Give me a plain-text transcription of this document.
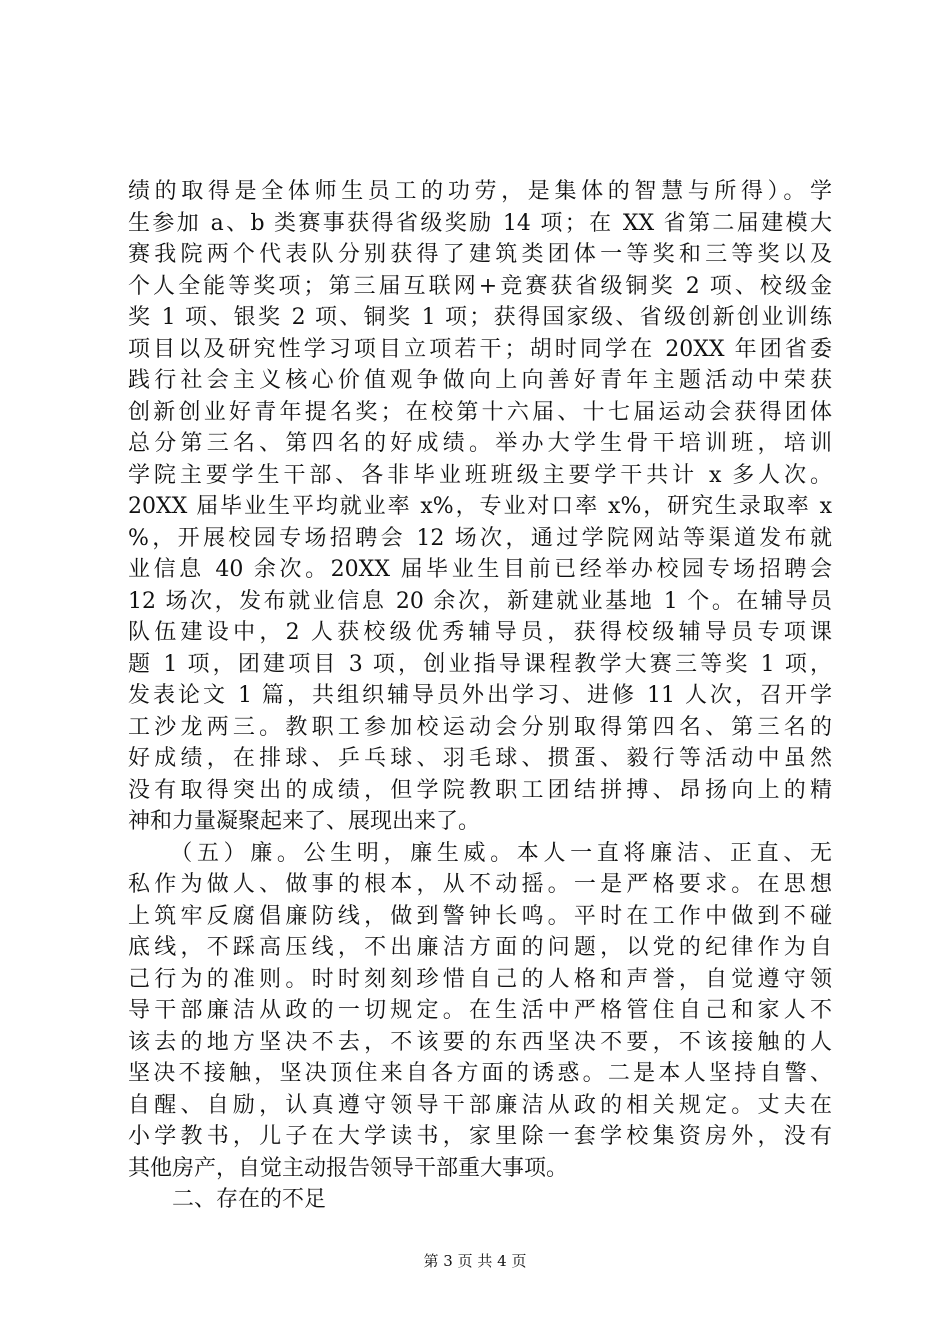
绩的取得是全体师生员工的功劳，是集体的智慧与所得）。学
生参加 a、b 类赛事获得省级奖励 14 项；在 XX 省第二届建模大
赛我院两个代表队分别获得了建筑类团体一等奖和三等奖以及
个人全能等奖项；第三届互联网+竞赛获省级铜奖 2 项、校级金
奖 1 项、银奖 2 项、铜奖 1 项；获得国家级、省级创新创业训练
项目以及研究性学习项目立项若干；胡时同学在 20XX 年团省委
践行社会主义核心价值观争做向上向善好青年主题活动中荣获
创新创业好青年提名奖；在校第十六届、十七届运动会获得团体
总分第三名、第四名的好成绩。举办大学生骨干培训班，培训
学院主要学生干部、各非毕业班班级主要学干共计 x 多人次。
20XX 届毕业生平均就业率 x%，专业对口率 x%，研究生录取率 x
%，开展校园专场招聘会 12 场次，通过学院网站等渠道发布就
业信息 40 余次。20XX 届毕业生目前已经举办校园专场招聘会
12 场次，发布就业信息 20 余次，新建就业基地 1 个。在辅导员
队伍建设中，2 人获校级优秀辅导员，获得校级辅导员专项课
题 1 项，团建项目 3 项，创业指导课程教学大赛三等奖 1 项，
发表论文 1 篇，共组织辅导员外出学习、进修 11 人次，召开学
工沙龙两三。教职工参加校运动会分别取得第四名、第三名的
好成绩，在排球、乒乓球、羽毛球、掼蛋、毅行等活动中虽然
没有取得突出的成绩，但学院教职工团结拼搏、昂扬向上的精
神和力量凝聚起来了、展现出来了。
　　（五）廉。公生明，廉生威。本人一直将廉洁、正直、无
私作为做人、做事的根本，从不动摇。一是严格要求。在思想
上筑牢反腐倡廉防线，做到警钟长鸣。平时在工作中做到不碰
底线，不踩高压线，不出廉洁方面的问题，以党的纪律作为自
己行为的准则。时时刻刻珍惜自己的人格和声誉，自觉遵守领
导干部廉洁从政的一切规定。在生活中严格管住自己和家人不
该去的地方坚决不去，不该要的东西坚决不要，不该接触的人
坚决不接触，坚决顶住来自各方面的诱惑。二是本人坚持自警、
自醒、自励，认真遵守领导干部廉洁从政的相关规定。丈夫在
小学教书，儿子在大学读书，家里除一套学校集资房外，没有
其他房产，自觉主动报告领导干部重大事项。
　　二、存在的不足
第 3 页 共 4 页
